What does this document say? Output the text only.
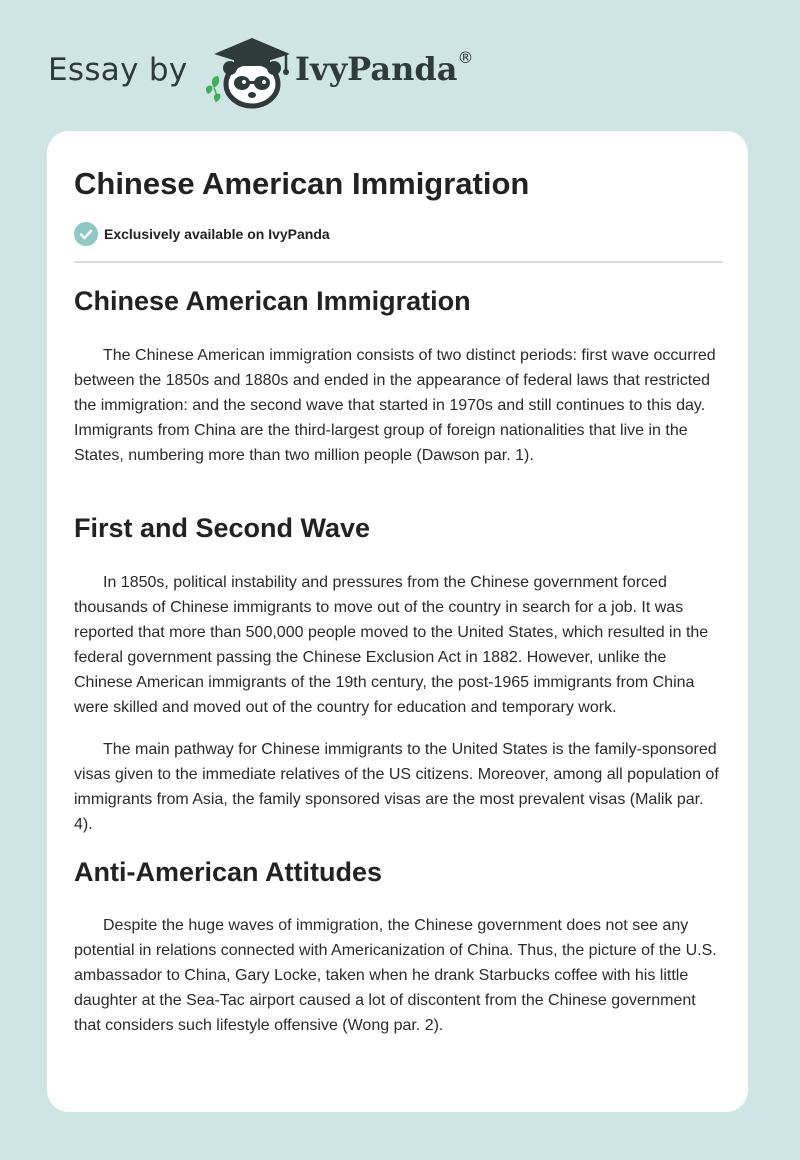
Essay by	IvyPanda®
Chinese American Immigration
Exclusively available on IvyPanda
Chinese American Immigration

The Chinese American immigration consists of two distinct periods: first wave occurred between the 1850s and 1880s and ended in the appearance of federal laws that restricted the immigration: and the second wave that started in 1970s and still continues to this day. Immigrants from China are the third-largest group of foreign nationalities that live in the States, numbering more than two million people (Dawson par. 1).

First and Second Wave

In 1850s, political instability and pressures from the Chinese government forced thousands of Chinese immigrants to move out of the country in search for a job. It was reported that more than 500,000 people moved to the United States, which resulted in the federal government passing the Chinese Exclusion Act in 1882. However, unlike the Chinese American immigrants of the 19th century, the post-1965 immigrants from China were skilled and moved out of the country for education and temporary work.

The main pathway for Chinese immigrants to the United States is the family-sponsored visas given to the immediate relatives of the US citizens. Moreover, among all population of immigrants from Asia, the family sponsored visas are the most prevalent visas (Malik par. 4).

Anti-American Attitudes

Despite the huge waves of immigration, the Chinese government does not see any potential in relations connected with Americanization of China. Thus, the picture of the U.S. ambassador to China, Gary Locke, taken when he drank Starbucks coffee with his little daughter at the Sea-Tac airport caused a lot of discontent from the Chinese government that considers such lifestyle offensive (Wong par. 2).
